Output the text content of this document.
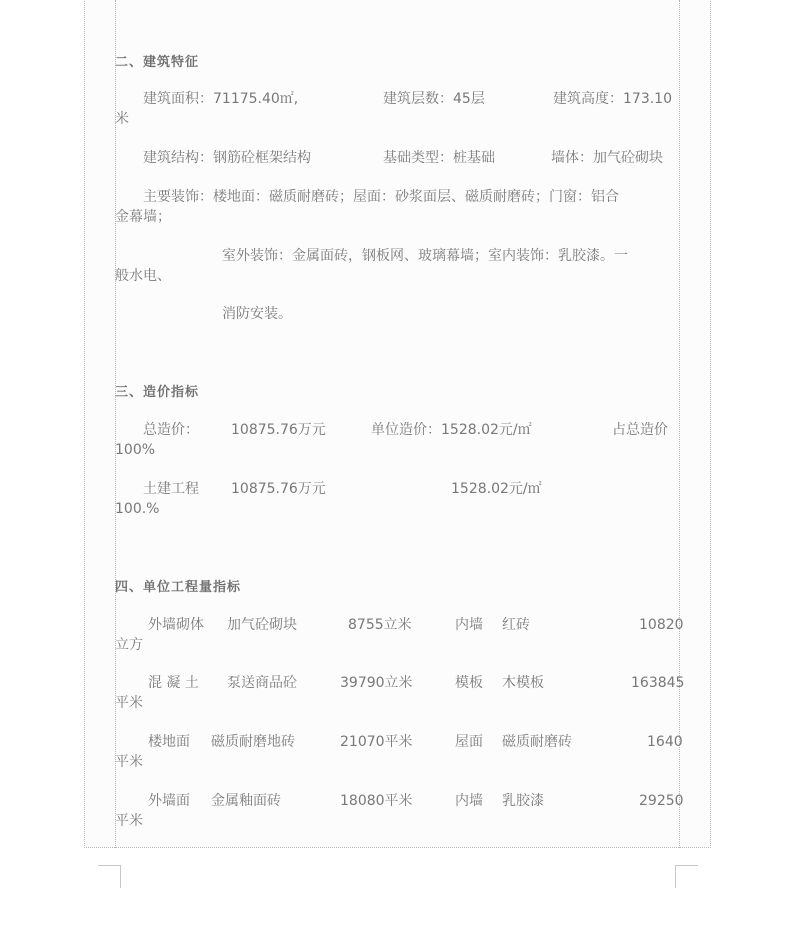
二、建筑特征
建筑面积：71175.40㎡,	建筑层数：45层	建筑高度：173.10
米
建筑结构：钢筋砼框架结构	基础类型：桩基础	墙体：加气砼砌块
主要装饰：楼地面：磁质耐磨砖；屋面：砂浆面层、磁质耐磨砖；门窗：铝合
金幕墙；
室外装饰：金属面砖，钢板网、玻璃幕墙；室内装饰：乳胶漆。一
般水电、
消防安装。
三、造价指标
总造价： 10875.76万元	单位造价：1528.02元/㎡	占总造价
100%
土建工程 10875.76万元	1528.02元/㎡
100.%
四、单位工程量指标
外墙砌体 加气砼砌块	8755立米	内墙 红砖	10820
立方
混 凝 土 泵送商品砼	39790立米	模板 木模板	163845
平米
楼地面 磁质耐磨地砖	21070平米	屋面 磁质耐磨砖	1640
平米
外墙面 金属釉面砖	18080平米	内墙 乳胶漆	29250
平米
